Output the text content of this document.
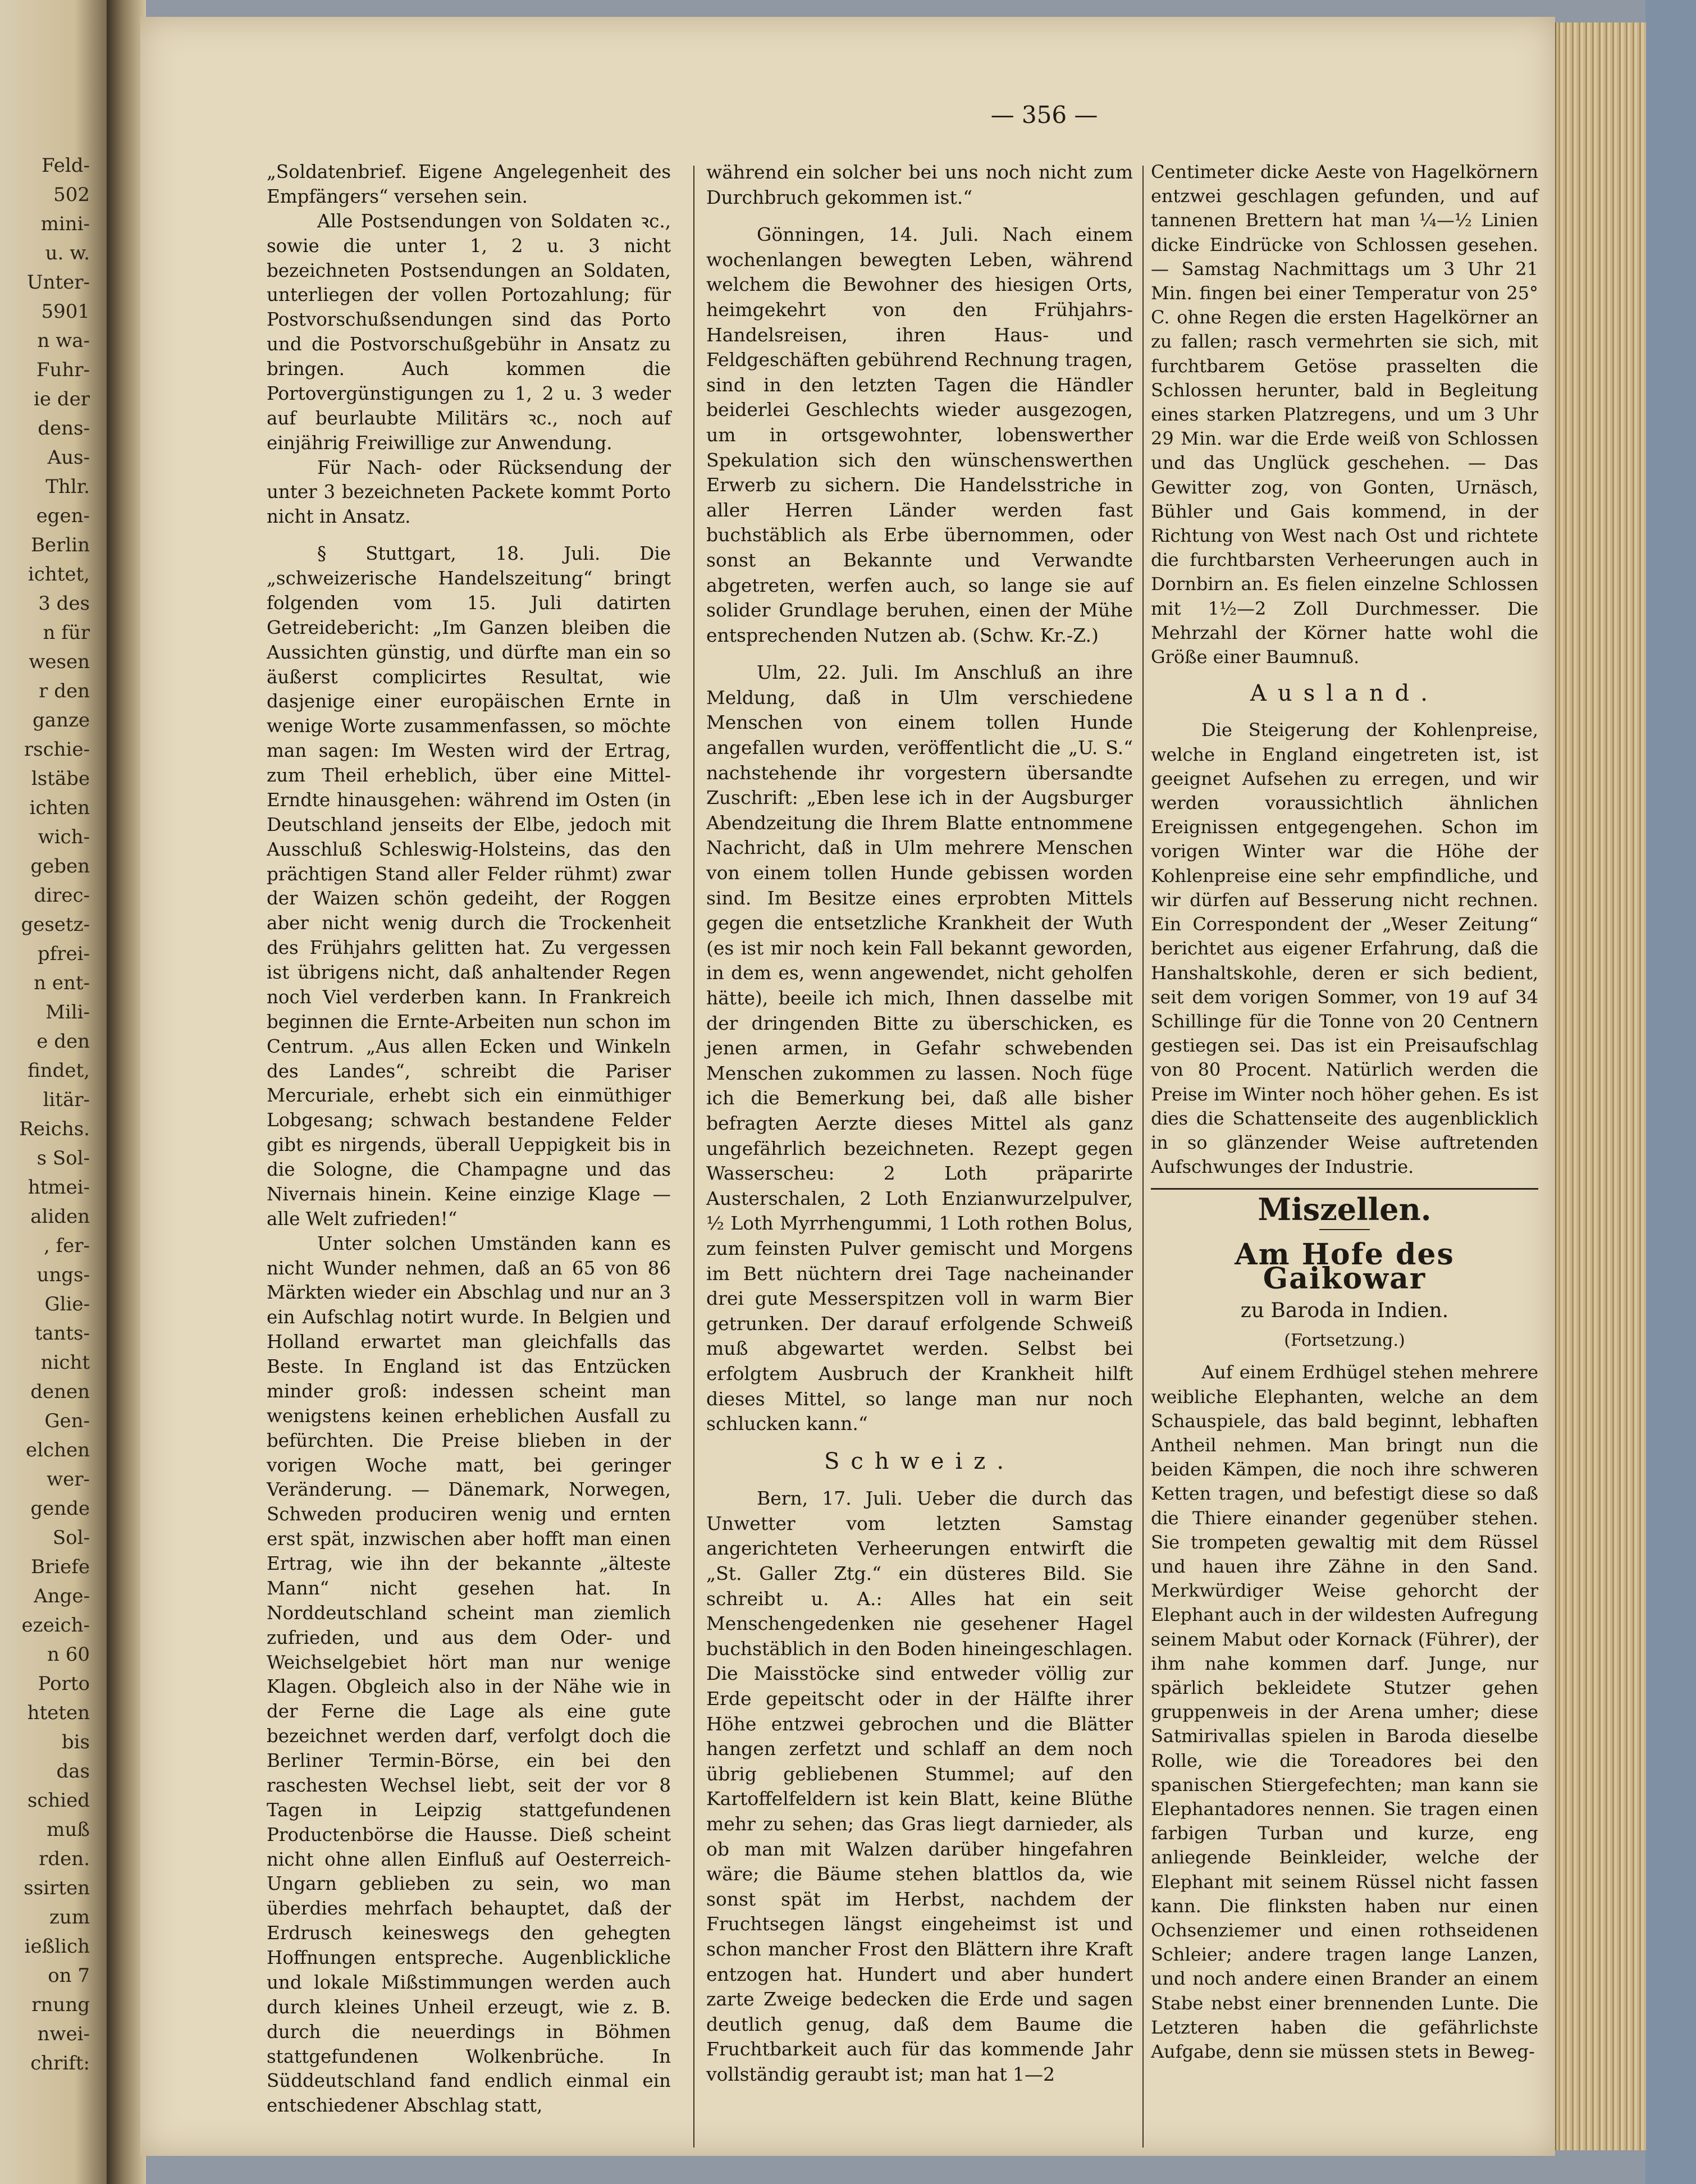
Feld-
502
mini-
u. w.
Unter-
5901
n wa-
Fuhr-
ie der
dens-
Aus-
Thlr.
egen-
Berlin
ichtet,
3 des
n für
wesen
r den
ganze
rschie-
lstäbe
ichten
wich-
geben
direc-
gesetz-
pfrei-
n ent-
Mili-
e den
findet,
litär-
Reichs.
s Sol-
htmei-
aliden
, fer-
ungs-
Glie-
tants-
nicht
denen
Gen-
elchen
wer-
gende
Sol-
Briefe
Ange-
ezeich-
n 60
Porto
hteten
bis
das
schied
muß
rden.
ssirten
zum
ießlich
on 7
rnung
nwei-
chrift:
— 356 —

„Soldatenbrief. Eigene Angelegenheit des Empfängers“ versehen sein.

Alle Postsendungen von Soldaten ꝛc., sowie die unter 1, 2 u. 3 nicht bezeichneten Postsendungen an Soldaten, unterliegen der vollen Portozahlung; für Postvorschußsendungen sind das Porto und die Postvorschußgebühr in Ansatz zu bringen. Auch kommen die Portovergünstigungen zu 1, 2 u. 3 weder auf beurlaubte Militärs ꝛc., noch auf einjährig Freiwillige zur Anwendung.

Für Nach- oder Rücksendung der unter 3 bezeichneten Packete kommt Porto nicht in Ansatz.

§ Stuttgart, 18. Juli. Die „schweizerische Handelszeitung“ bringt folgenden vom 15. Juli datirten Getreidebericht: „Im Ganzen bleiben die Aussichten günstig, und dürfte man ein so äußerst complicirtes Resultat, wie dasjenige einer europäischen Ernte in wenige Worte zusammenfassen, so möchte man sagen: Im Westen wird der Ertrag, zum Theil erheblich, über eine Mittel-Erndte hinausgehen: während im Osten (in Deutschland jenseits der Elbe, jedoch mit Ausschluß Schleswig-Holsteins, das den prächtigen Stand aller Felder rühmt) zwar der Waizen schön gedeiht, der Roggen aber nicht wenig durch die Trockenheit des Frühjahrs gelitten hat. Zu vergessen ist übrigens nicht, daß anhaltender Regen noch Viel verderben kann. In Frankreich beginnen die Ernte-Arbeiten nun schon im Centrum. „Aus allen Ecken und Winkeln des Landes“, schreibt die Pariser Mercuriale, erhebt sich ein einmüthiger Lobgesang; schwach bestandene Felder gibt es nirgends, überall Ueppigkeit bis in die Sologne, die Champagne und das Nivernais hinein. Keine einzige Klage — alle Welt zufrieden!“

Unter solchen Umständen kann es nicht Wunder nehmen, daß an 65 von 86 Märkten wieder ein Abschlag und nur an 3 ein Aufschlag notirt wurde. In Belgien und Holland erwartet man gleichfalls das Beste. In England ist das Entzücken minder groß: indessen scheint man wenigstens keinen erheblichen Ausfall zu befürchten. Die Preise blieben in der vorigen Woche matt, bei geringer Veränderung. — Dänemark, Norwegen, Schweden produciren wenig und ernten erst spät, inzwischen aber hofft man einen Ertrag, wie ihn der bekannte „älteste Mann“ nicht gesehen hat. In Norddeutschland scheint man ziemlich zufrieden, und aus dem Oder- und Weichselgebiet hört man nur wenige Klagen. Obgleich also in der Nähe wie in der Ferne die Lage als eine gute bezeichnet werden darf, verfolgt doch die Berliner Termin-Börse, ein bei den raschesten Wechsel liebt, seit der vor 8 Tagen in Leipzig stattgefundenen Productenbörse die Hausse. Dieß scheint nicht ohne allen Einfluß auf Oesterreich-Ungarn geblieben zu sein, wo man überdies mehrfach behauptet, daß der Erdrusch keineswegs den gehegten Hoffnungen entspreche. Augenblickliche und lokale Mißstimmungen werden auch durch kleines Unheil erzeugt, wie z. B. durch die neuerdings in Böhmen stattgefundenen Wolkenbrüche. In Süddeutschland fand endlich einmal ein entschiedener Abschlag statt,

während ein solcher bei uns noch nicht zum Durchbruch gekommen ist.“

Gönningen, 14. Juli. Nach einem wochenlangen bewegten Leben, während welchem die Bewohner des hiesigen Orts, heimgekehrt von den Frühjahrs-Handelsreisen, ihren Haus- und Feldgeschäften gebührend Rechnung tragen, sind in den letzten Tagen die Händler beiderlei Geschlechts wieder ausgezogen, um in ortsgewohnter, lobenswerther Spekulation sich den wünschenswerthen Erwerb zu sichern. Die Handelsstriche in aller Herren Länder werden fast buchstäblich als Erbe übernommen, oder sonst an Bekannte und Verwandte abgetreten, werfen auch, so lange sie auf solider Grundlage beruhen, einen der Mühe entsprechenden Nutzen ab. (Schw. Kr.-Z.)

Ulm, 22. Juli. Im Anschluß an ihre Meldung, daß in Ulm verschiedene Menschen von einem tollen Hunde angefallen wurden, veröffentlicht die „U. S.“ nachstehende ihr vorgestern übersandte Zuschrift: „Eben lese ich in der Augsburger Abendzeitung die Ihrem Blatte entnommene Nachricht, daß in Ulm mehrere Menschen von einem tollen Hunde gebissen worden sind. Im Besitze eines erprobten Mittels gegen die entsetzliche Krankheit der Wuth (es ist mir noch kein Fall bekannt geworden, in dem es, wenn angewendet, nicht geholfen hätte), beeile ich mich, Ihnen dasselbe mit der dringenden Bitte zu überschicken, es jenen armen, in Gefahr schwebenden Menschen zukommen zu lassen. Noch füge ich die Bemerkung bei, daß alle bisher befragten Aerzte dieses Mittel als ganz ungefährlich bezeichneten. Rezept gegen Wasserscheu: 2 Loth präparirte Austerschalen, 2 Loth Enzianwurzelpulver, ½ Loth Myrrhengummi, 1 Loth rothen Bolus, zum feinsten Pulver gemischt und Morgens im Bett nüchtern drei Tage nacheinander drei gute Messerspitzen voll in warm Bier getrunken. Der darauf erfolgende Schweiß muß abgewartet werden. Selbst bei erfolgtem Ausbruch der Krankheit hilft dieses Mittel, so lange man nur noch schlucken kann.“

Schweiz.

Bern, 17. Juli. Ueber die durch das Unwetter vom letzten Samstag angerichteten Verheerungen entwirft die „St. Galler Ztg.“ ein düsteres Bild. Sie schreibt u. A.: Alles hat ein seit Menschengedenken nie gesehener Hagel buchstäblich in den Boden hineingeschlagen. Die Maisstöcke sind entweder völlig zur Erde gepeitscht oder in der Hälfte ihrer Höhe entzwei gebrochen und die Blätter hangen zerfetzt und schlaff an dem noch übrig gebliebenen Stummel; auf den Kartoffelfeldern ist kein Blatt, keine Blüthe mehr zu sehen; das Gras liegt darnieder, als ob man mit Walzen darüber hingefahren wäre; die Bäume stehen blattlos da, wie sonst spät im Herbst, nachdem der Fruchtsegen längst eingeheimst ist und schon mancher Frost den Blättern ihre Kraft entzogen hat. Hundert und aber hundert zarte Zweige bedecken die Erde und sagen deutlich genug, daß dem Baume die Fruchtbarkeit auch für das kommende Jahr vollständig geraubt ist; man hat 1—2

Centimeter dicke Aeste von Hagelkörnern entzwei geschlagen gefunden, und auf tannenen Brettern hat man ¼—½ Linien dicke Eindrücke von Schlossen gesehen. — Samstag Nachmittags um 3 Uhr 21 Min. fingen bei einer Temperatur von 25° C. ohne Regen die ersten Hagelkörner an zu fallen; rasch vermehrten sie sich, mit furchtbarem Getöse prasselten die Schlossen herunter, bald in Begleitung eines starken Platzregens, und um 3 Uhr 29 Min. war die Erde weiß von Schlossen und das Unglück geschehen. — Das Gewitter zog, von Gonten, Urnäsch, Bühler und Gais kommend, in der Richtung von West nach Ost und richtete die furchtbarsten Verheerungen auch in Dornbirn an. Es fielen einzelne Schlossen mit 1½—2 Zoll Durchmesser. Die Mehrzahl der Körner hatte wohl die Größe einer Baumnuß.

Ausland.

Die Steigerung der Kohlenpreise, welche in England eingetreten ist, ist geeignet Aufsehen zu erregen, und wir werden voraussichtlich ähnlichen Ereignissen entgegengehen. Schon im vorigen Winter war die Höhe der Kohlenpreise eine sehr empfindliche, und wir dürfen auf Besserung nicht rechnen. Ein Correspondent der „Weser Zeitung“ berichtet aus eigener Erfahrung, daß die Hanshaltskohle, deren er sich bedient, seit dem vorigen Sommer, von 19 auf 34 Schillinge für die Tonne von 20 Centnern gestiegen sei. Das ist ein Preisaufschlag von 80 Procent. Natürlich werden die Preise im Winter noch höher gehen. Es ist dies die Schattenseite des augenblicklich in so glänzender Weise auftretenden Aufschwunges der Industrie.

Miszellen.
Am Hofe des Gaikowar
zu Baroda in Indien.
(Fortsetzung.)

Auf einem Erdhügel stehen mehrere weibliche Elephanten, welche an dem Schauspiele, das bald beginnt, lebhaften Antheil nehmen. Man bringt nun die beiden Kämpen, die noch ihre schweren Ketten tragen, und befestigt diese so daß die Thiere einander gegenüber stehen. Sie trompeten gewaltig mit dem Rüssel und hauen ihre Zähne in den Sand. Merkwürdiger Weise gehorcht der Elephant auch in der wildesten Aufregung seinem Mabut oder Kornack (Führer), der ihm nahe kommen darf. Junge, nur spärlich bekleidete Stutzer gehen gruppenweis in der Arena umher; diese Satmirivallas spielen in Baroda dieselbe Rolle, wie die Toreadores bei den spanischen Stiergefechten; man kann sie Elephantadores nennen. Sie tragen einen farbigen Turban und kurze, eng anliegende Beinkleider, welche der Elephant mit seinem Rüssel nicht fassen kann. Die flinksten haben nur einen Ochsenziemer und einen rothseidenen Schleier; andere tragen lange Lanzen, und noch andere einen Brander an einem Stabe nebst einer brennenden Lunte. Die Letzteren haben die gefährlichste Aufgabe, denn sie müssen stets in Beweg-
